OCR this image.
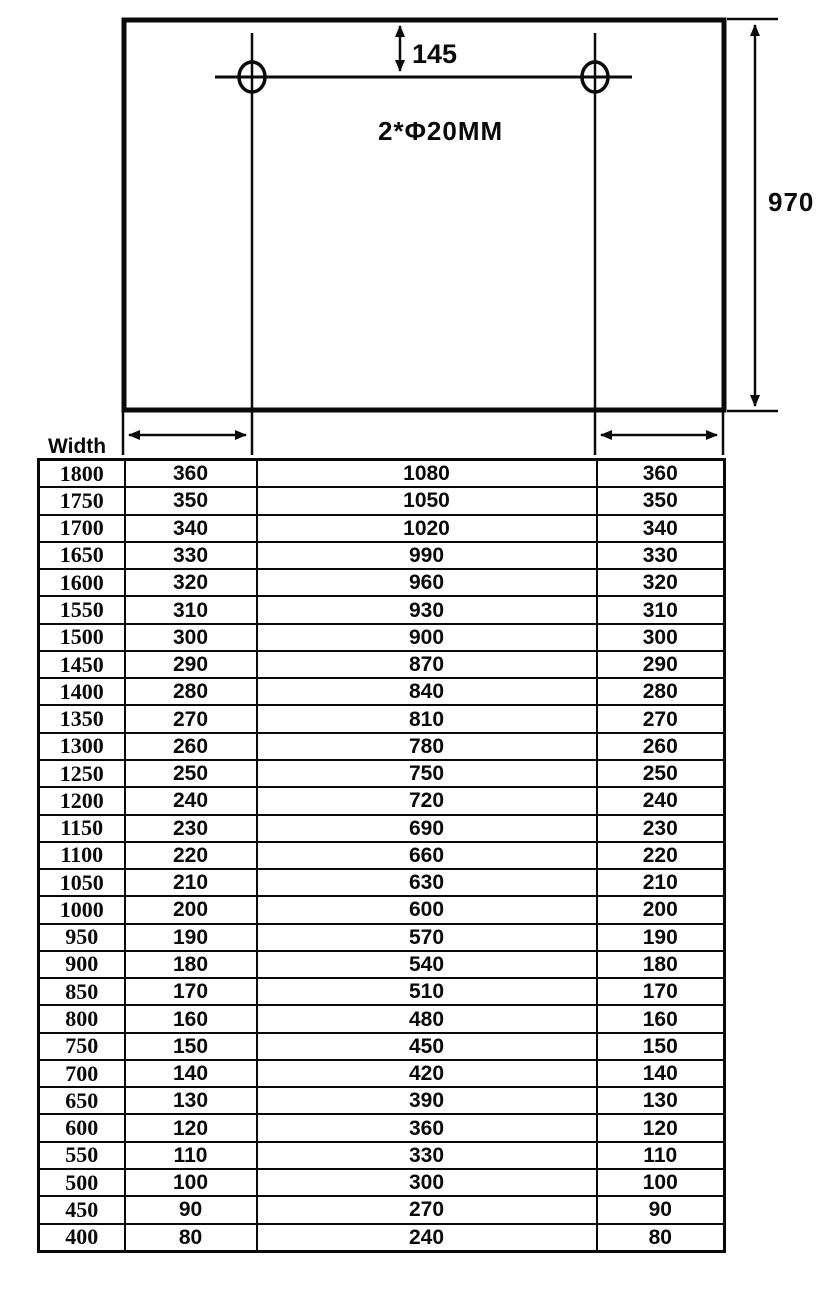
970
145
2*Φ20MM
Width
1800	360	1080	360
1750	350	1050	350
1700	340	1020	340
1650	330	990	330
1600	320	960	320
1550	310	930	310
1500	300	900	300
1450	290	870	290
1400	280	840	280
1350	270	810	270
1300	260	780	260
1250	250	750	250
1200	240	720	240
1150	230	690	230
1100	220	660	220
1050	210	630	210
1000	200	600	200
950	190	570	190
900	180	540	180
850	170	510	170
800	160	480	160
750	150	450	150
700	140	420	140
650	130	390	130
600	120	360	120
550	110	330	110
500	100	300	100
450	90	270	90
400	80	240	80
